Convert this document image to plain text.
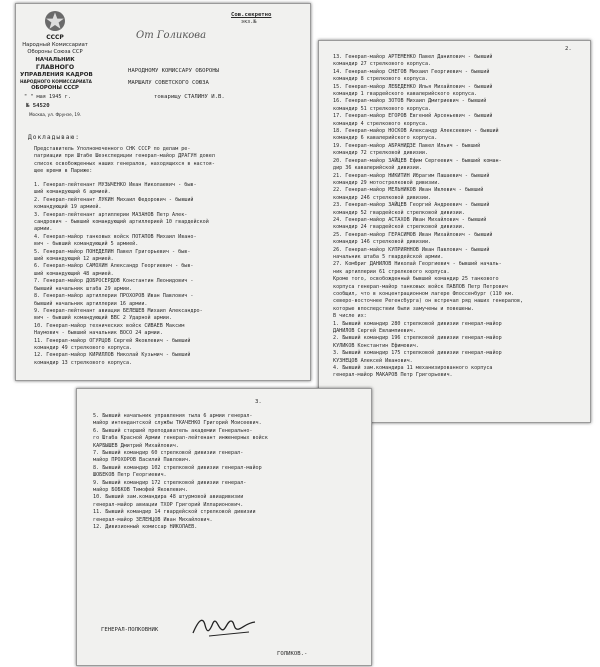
СССР
Народный Комиссариат
Обороны Союза ССР
НАЧАЛЬНИК
ГЛАВНОГО
УПРАВЛЕНИЯ КАДРОВ
НАРОДНОГО КОМИССАРИАТА
ОБОРОНЫ СССР
" " мая 1945 г.
№ 54520
Москва, ул. Фрунзе, 19.
Сов.секретно
экз.№
От Голикова
НАРОДНОМУ КОМИССАРУ ОБОРОНЫ
МАРШАЛУ СОВЕТСКОГО СОЮЗА
товарищу СТАЛИНУ И.В.
Докладываю:
Представитель Уполномоченного СНК СССР по делам ре-
патриации при Штабе Шеэкспедиции генерал-майор ДРАГУН довел
список освобожденных наших генералов, находящихся в настоя-
щее время в Париже:
1. Генерал-лейтенант МУЗЫЧЕНКО Иван Николаевич - быв-
ший командующий 6 армией.
2. Генерал-лейтенант ЛУКИН Михаил Федорович - бывший
командующий 19 армией.
3. Генерал-лейтенант артиллерии МАЗАНОВ Петр Алек-
сандрович - бывший командующий артиллерией 10 гвардейской
армии.
4. Генерал-майор танковых войск ПОТАПОВ Михаил Ивано-
вич - бывший командующий 5 армией.
5. Генерал-майор ПОНЕДЕЛИН Павел Григорьевич - быв-
ший командующий 12 армией.
6. Генерал-майор САМОХИН Александр Георгиевич - быв-
ший командующий 48 армией.
7. Генерал-майор ДОБРОСЕРДОВ Константин Леонидович -
бывший начальник штаба 29 армии.
8. Генерал-майор артиллерии ПРОХОРОВ Иван Павлович -
бывший начальник артиллерии 16 армии.
9. Генерал-лейтенант авиации БЕЛЕШЕВ Михаил Александро-
вич - бывший командующий ВВС 2 Ударной армии.
10. Генерал-майор технических войск СИВАЕВ Максим
Наумович - бывший начальник ВОСО 24 армии.
11. Генерал-майор ОГУРЦОВ Сергей Яковлевич - бывший
командир 49 стрелкового корпуса.
12. Генерал-майор КИРИЛЛОВ Николай Кузьмич - бывший
командир 13 стрелкового корпуса.
2.
13. Генерал-майор АРТЕМЕНКО Павел Данилович - бывший
командир 27 стрелкового корпуса.
14. Генерал-майор СНЕГОВ Михаил Георгиевич - бывший
командир 8 стрелкового корпуса.
15. Генерал-майор ЛЕБЕДЕНКО Илья Михайлович - бывший
командир 1 гвардейского кавалерийского корпуса.
16. Генерал-майор ЗОТОВ Михаил Дмитриевич - бывший
командир 51 стрелкового корпуса.
17. Генерал-майор ЕГОРОВ Евгений Арсеньевич - бывший
командир 4 стрелкового корпуса.
18. Генерал-майор НОСКОВ Александр Алексеевич - бывший
командир 6 кавалерийского корпуса.
19. Генерал-майор АБРАНИДЗЕ Павел Ильич - бывший
командир 72 стрелковой дивизии.
20. Генерал-майор ЗАЙЦЕВ Ефим Сергеевич - бывший коман-
дир 36 кавалерийской дивизии.
21. Генерал-майор НИКИТИН Ибрагим Пашаевич - бывший
командир 29 мотострелковой дивизии.
22. Генерал-майор МЕЛЬНИКОВ Иван Ивлевич - бывший
командир 246 стрелковой дивизии.
23. Генерал-майор ЗАЙЦЕВ Георгий Андреевич - бывший
командир 52 гвардейской стрелковой дивизии.
24. Генерал-майор АСТАХОВ Иван Михайлович - бывший
командир 24 гвардейской стрелковой дивизии.
25. Генерал-майор ГЕРАСИМОВ Иван Михайлович - бывший
командир 146 стрелковой дивизии.
26. Генерал-майор КУПРИЯННОВ Иван Павлович - бывший
начальник штаба 5 гвардейской армии.
27. Комбриг ДАНИЛОВ Николай Георгиевич - бывший началь-
ник артиллерии 61 стрелкового корпуса.
Кроме того, освобожденный бывший командир 25 танкового
корпуса генерал-майор танковых войск ПАВЛОВ Петр Петрович
сообщил, что в концентрационном лагере Флоссенбург (110 км.
северо-восточнее Регенсбурга) он встречал ряд наших генералов,
которые впоследствии были замучены и повешены.
В числе их:
1. Бывший командир 280 стрелковой дивизии генерал-майор
ДАНИЛОВ Сергей Евлампиевич.
2. Бывший командир 196 стрелковой дивизии генерал-майор
КУЛИКОВ Константин Ефимович.
3. Бывший командир 175 стрелковой дивизии генерал-майор
КУЗНЕЦОВ Алексей Иванович.
4. Бывший зам.командира 11 механизированного корпуса
генерал-майор МАКАРОВ Петр Григорьевич.
3.
5. Бывший начальник управления тыла 6 армии генерал-
майор интендантской службы ТКАЧЕНКО Григорий Моисеевич.
6. Бывший старший преподаватель академии Генерально-
го Штаба Красной Армии генерал-лейтенант инженерных войск
КАРБЫШЕВ Дмитрий Михайлович.
7. Бывший командир 60 стрелковой дивизии генерал-
майор ПРОХОРОВ Василий Павлович.
8. Бывший командир 102 стрелковой дивизии генерал-майор
ШОБЕКОВ Петр Георгиевич.
9. Бывший командир 172 стрелковой дивизии генерал-
майор БОБКОВ Тимофей Яковлевич.
10. Бывший зам.командира 48 штурмовой авиадивизии
генерал-майор авиации ТХОР Григорий Илларионович.
11. Бывший командир 14 гвардейской стрелковой дивизии
генерал-майор ЗЕЛЕНЦОВ Иван Михайлович.
12. Дивизионный комиссар НИКОЛАЕВ.
ГЕНЕРАЛ-ПОЛКОВНИК
ГОЛИКОВ.-
